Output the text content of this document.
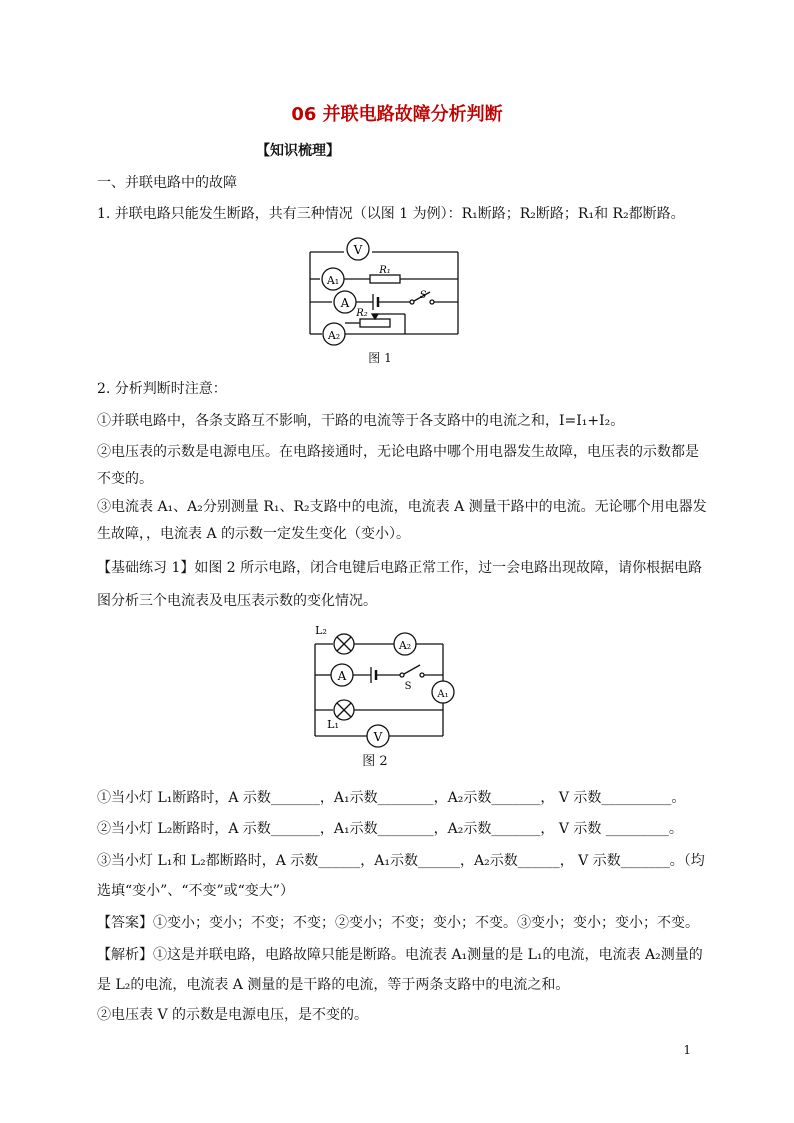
06 并联电路故障分析判断
【知识梳理】
一、并联电路中的故障
1. 并联电路只能发生断路，共有三种情况（以图 1 为例）：R₁断路；R₂断路；R₁和 R₂都断路。
V
A₁
R₁
A
S
A₂
R₂
图 1
2. 分析判断时注意：
①并联电路中，各条支路互不影响，干路的电流等于各支路中的电流之和，I=I₁+I₂。
②电压表的示数是电源电压。在电路接通时，无论电路中哪个用电器发生故障，电压表的示数都是
不变的。
③电流表 A₁、A₂分别测量 R₁、R₂支路中的电流，电流表 A 测量干路中的电流。无论哪个用电器发
生故障，，电流表 A 的示数一定发生变化（变小）。
【基础练习 1】如图 2 所示电路，闭合电键后电路正常工作，过一会电路出现故障，请你根据电路
图分析三个电流表及电压表示数的变化情况。
L₂
A₂
A
S
A₁
L₁
V
图 2
①当小灯 L₁断路时，A 示数_______，A₁示数________，A₂示数_______， V 示数__________。
②当小灯 L₂断路时，A 示数_______，A₁示数________，A₂示数_______， V 示数 _________。
③当小灯 L₁和 L₂都断路时，A 示数______，A₁示数______，A₂示数______， V 示数_______。（均
选填“变小”、“不变”或“变大”）
【答案】①变小；变小；不变；不变；②变小；不变；变小；不变。③变小；变小；变小；不变。
【解析】①这是并联电路，电路故障只能是断路。电流表 A₁测量的是 L₁的电流，电流表 A₂测量的
是 L₂的电流，电流表 A 测量的是干路的电流，等于两条支路中的电流之和。
②电压表 V 的示数是电源电压，是不变的。
1
